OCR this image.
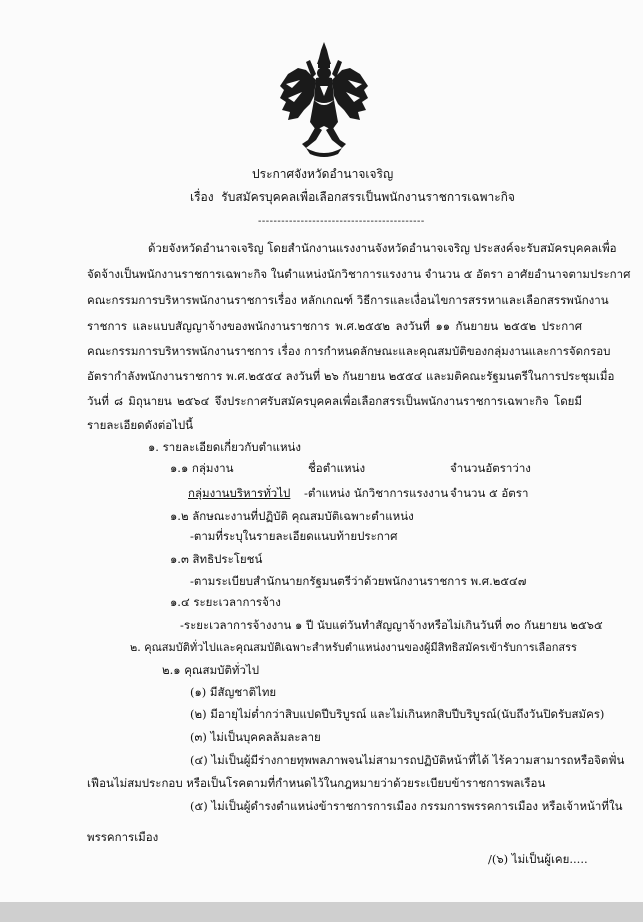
ประกาศจังหวัดอำนาจเจริญ
เรื่อง รับสมัครบุคคลเพื่อเลือกสรรเป็นพนักงานราชการเฉพาะกิจ
-------------------------------------------
ด้วยจังหวัดอำนาจเจริญ โดยสำนักงานแรงงานจังหวัดอำนาจเจริญ ประสงค์จะรับสมัครบุคคลเพื่อ
จัดจ้างเป็นพนักงานราชการเฉพาะกิจ ในตำแหน่งนักวิชาการแรงงาน จำนวน ๕ อัตรา อาศัยอำนาจตามประกาศ
คณะกรรมการบริหารพนักงานราชการเรื่อง หลักเกณฑ์ วิธีการและเงื่อนไขการสรรหาและเลือกสรรพนักงาน
ราชการ และแบบสัญญาจ้างของพนักงานราชการ พ.ศ.๒๕๕๒ ลงวันที่ ๑๑ กันยายน ๒๕๕๒ ประกาศ
คณะกรรมการบริหารพนักงานราชการ เรื่อง การกำหนดลักษณะและคุณสมบัติของกลุ่มงานและการจัดกรอบ
อัตรากำลังพนักงานราชการ พ.ศ.๒๕๕๔ ลงวันที่ ๒๖ กันยายน ๒๕๕๔ และมติคณะรัฐมนตรีในการประชุมเมื่อ
วันที่ ๘ มิถุนายน ๒๕๖๔ จึงประกาศรับสมัครบุคคลเพื่อเลือกสรรเป็นพนักงานราชการเฉพาะกิจ โดยมี
รายละเอียดดังต่อไปนี้
๑. รายละเอียดเกี่ยวกับตำแหน่ง
๑.๑ กลุ่มงาน	ชื่อตำแหน่ง	จำนวนอัตราว่าง
กลุ่มงานบริหารทั่วไป -ตำแหน่ง นักวิชาการแรงงาน จำนวน ๕ อัตรา
๑.๒ ลักษณะงานที่ปฏิบัติ คุณสมบัติเฉพาะตำแหน่ง
-ตามที่ระบุในรายละเอียดแนบท้ายประกาศ
๑.๓ สิทธิประโยชน์
-ตามระเบียบสำนักนายกรัฐมนตรีว่าด้วยพนักงานราชการ พ.ศ.๒๕๔๗
๑.๔ ระยะเวลาการจ้าง
-ระยะเวลาการจ้างงาน ๑ ปี นับแต่วันทำสัญญาจ้างหรือไม่เกินวันที่ ๓๐ กันยายน ๒๕๖๕
๒. คุณสมบัติทั่วไปและคุณสมบัติเฉพาะสำหรับตำแหน่งงานของผู้มีสิทธิสมัครเข้ารับการเลือกสรร
๒.๑ คุณสมบัติทั่วไป
(๑) มีสัญชาติไทย
(๒) มีอายุไม่ต่ำกว่าสิบแปดปีบริบูรณ์ และไม่เกินหกสิบปีบริบูรณ์(นับถึงวันปิดรับสมัคร)
(๓) ไม่เป็นบุคคลล้มละลาย
(๔) ไม่เป็นผู้มีร่างกายทุพพลภาพจนไม่สามารถปฏิบัติหน้าที่ได้ ไร้ความสามารถหรือจิตฟั่น
เฟือนไม่สมประกอบ หรือเป็นโรคตามที่กำหนดไว้ในกฎหมายว่าด้วยระเบียบข้าราชการพลเรือน
(๕) ไม่เป็นผู้ดำรงตำแหน่งข้าราชการการเมือง กรรมการพรรคการเมือง หรือเจ้าหน้าที่ใน
พรรคการเมือง
/(๖) ไม่เป็นผู้เคย.....
